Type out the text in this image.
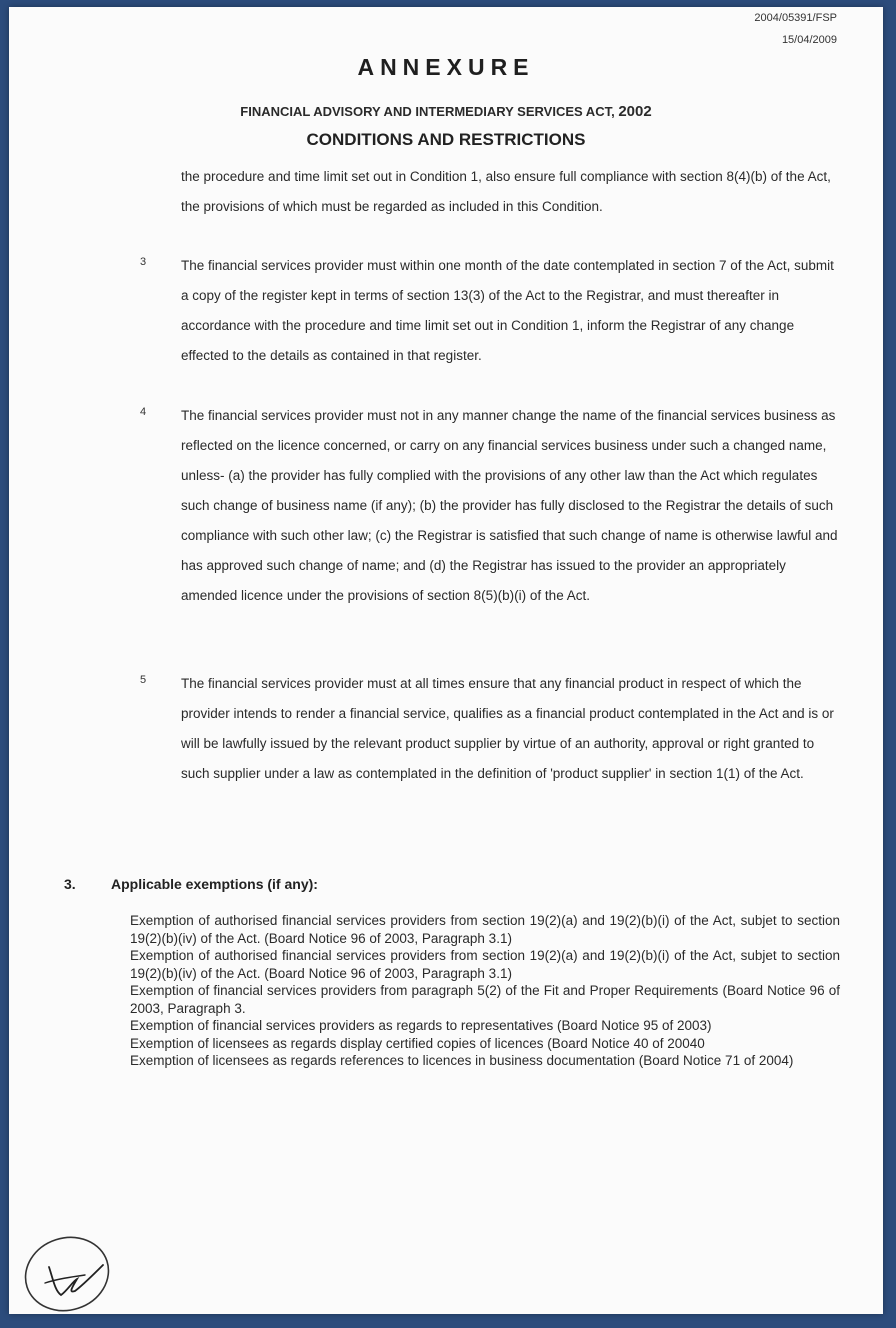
2004/05391/FSP
15/04/2009
ANNEXURE
FINANCIAL ADVISORY AND INTERMEDIARY SERVICES ACT, 2002
CONDITIONS AND RESTRICTIONS
the procedure and time limit set out in Condition 1, also ensure full compliance with section 8(4)(b) of the Act, the provisions of which must be regarded as included in this Condition.
3	The financial services provider must within one month of the date contemplated in section 7 of the Act, submit a copy of the register kept in terms of section 13(3) of the Act to the Registrar, and must thereafter in accordance with the procedure and time limit set out in Condition 1, inform the Registrar of any change effected to the details as contained in that register.
4	The financial services provider must not in any manner change the name of the financial services business as reflected on the licence concerned, or carry on any financial services business under such a changed name, unless- (a) the provider has fully complied with the provisions of any other law than the Act which regulates such change of business name (if any); (b) the provider has fully disclosed to the Registrar the details of such compliance with such other law; (c) the Registrar is satisfied that such change of name is otherwise lawful and has approved such change of name; and (d) the Registrar has issued to the provider an appropriately amended licence under the provisions of section 8(5)(b)(i) of the Act.
5	The financial services provider must at all times ensure that any financial product in respect of which the provider intends to render a financial service, qualifies as a financial product contemplated in the Act and is or will be lawfully issued by the relevant product supplier by virtue of an authority, approval or right granted to such supplier under a law as contemplated in the definition of 'product supplier' in section 1(1) of the Act.
3.	Applicable exemptions (if any):

Exemption of authorised financial services providers from section 19(2)(a) and 19(2)(b)(i) of the Act, subjet to section 19(2)(b)(iv) of the Act. (Board Notice 96 of 2003, Paragraph 3.1)

Exemption of authorised financial services providers from section 19(2)(a) and 19(2)(b)(i) of the Act, subjet to section 19(2)(b)(iv) of the Act. (Board Notice 96 of 2003, Paragraph 3.1)

Exemption of financial services providers from paragraph 5(2) of the Fit and Proper Requirements (Board Notice 96 of 2003, Paragraph 3.

Exemption of financial services providers as regards to representatives (Board Notice 95 of 2003)

Exemption of licensees as regards display certified copies of licences (Board Notice 40 of 20040

Exemption of licensees as regards references to licences in business documentation (Board Notice 71 of 2004)
